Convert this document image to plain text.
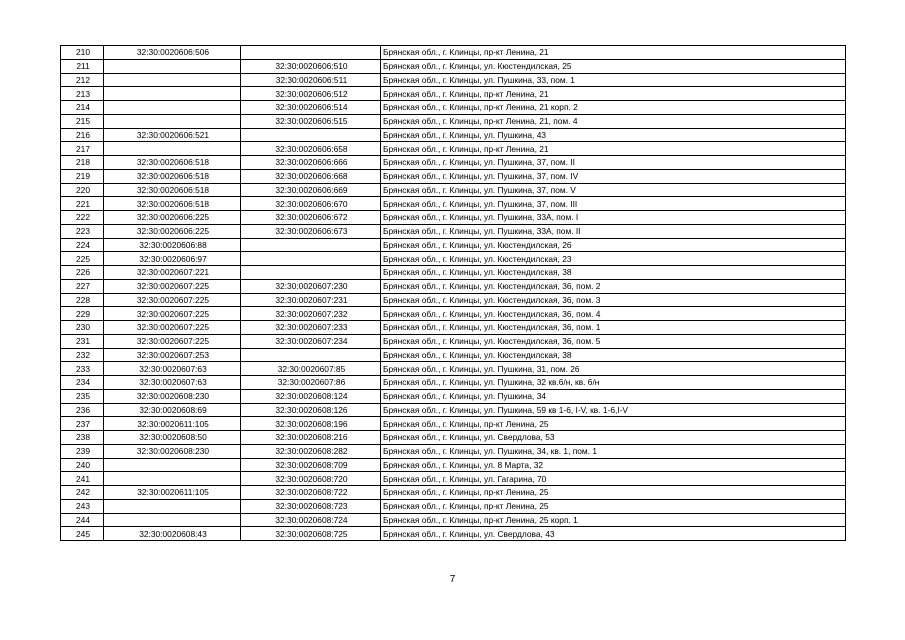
210	32:30:0020606:506		Брянская обл., г. Клинцы, пр-кт Ленина, 21
211		32:30:0020606:510	Брянская обл., г. Клинцы, ул. Кюстендилская, 25
212		32:30:0020606:511	Брянская обл., г. Клинцы, ул. Пушкина, 33, пом. 1
213		32:30:0020606:512	Брянская обл., г. Клинцы, пр-кт Ленина, 21
214		32:30:0020606:514	Брянская обл., г. Клинцы, пр-кт Ленина, 21 корп. 2
215		32:30:0020606:515	Брянская обл., г. Клинцы, пр-кт Ленина, 21, пом. 4
216	32:30:0020606:521		Брянская обл., г. Клинцы, ул. Пушкина, 43
217		32:30:0020606:658	Брянская обл., г. Клинцы, пр-кт Ленина, 21
218	32:30:0020606:518	32:30:0020606:666	Брянская обл., г. Клинцы, ул. Пушкина, 37, пом. II
219	32:30:0020606:518	32:30:0020606:668	Брянская обл., г. Клинцы, ул. Пушкина, 37, пом. IV
220	32:30:0020606:518	32:30:0020606:669	Брянская обл., г. Клинцы, ул. Пушкина, 37, пом. V
221	32:30:0020606:518	32:30:0020606:670	Брянская обл., г. Клинцы, ул. Пушкина, 37, пом. III
222	32:30:0020606:225	32:30:0020606:672	Брянская обл., г. Клинцы, ул. Пушкина, 33А, пом. I
223	32:30:0020606:225	32:30:0020606:673	Брянская обл., г. Клинцы, ул. Пушкина, 33А, пом. II
224	32:30:0020606:88		Брянская обл., г. Клинцы, ул. Кюстендилская, 26
225	32:30:0020606:97		Брянская обл., г. Клинцы, ул. Кюстендилская, 23
226	32:30:0020607:221		Брянская обл., г. Клинцы, ул. Кюстендилская, 38
227	32:30:0020607:225	32:30:0020607:230	Брянская обл., г. Клинцы, ул. Кюстендилская, 36, пом. 2
228	32:30:0020607:225	32:30:0020607:231	Брянская обл., г. Клинцы, ул. Кюстендилская, 36, пом. 3
229	32:30:0020607:225	32:30:0020607:232	Брянская обл., г. Клинцы, ул. Кюстендилская, 36, пом. 4
230	32:30:0020607:225	32:30:0020607:233	Брянская обл., г. Клинцы, ул. Кюстендилская, 36, пом. 1
231	32:30:0020607:225	32:30:0020607:234	Брянская обл., г. Клинцы, ул. Кюстендилская, 36, пом. 5
232	32:30:0020607:253		Брянская обл., г. Клинцы, ул. Кюстендилская, 38
233	32:30:0020607:63	32:30:0020607:85	Брянская обл., г. Клинцы, ул. Пушкина, 31, пом. 26
234	32:30:0020607:63	32:30:0020607:86	Брянская обл., г. Клинцы, ул. Пушкина, 32 кв.6/н, кв. 6/н
235	32:30:0020608:230	32:30:0020608:124	Брянская обл., г. Клинцы, ул. Пушкина, 34
236	32:30:0020608:69	32:30:0020608:126	Брянская обл., г. Клинцы, ул. Пушкина, 59 кв 1-6, I-V, кв. 1-6,I-V
237	32:30:0020611:105	32:30:0020608:196	Брянская обл., г. Клинцы, пр-кт Ленина, 25
238	32:30:0020608:50	32:30:0020608:216	Брянская обл., г. Клинцы, ул. Свердлова, 53
239	32:30:0020608:230	32:30:0020608:282	Брянская обл., г. Клинцы, ул. Пушкина, 34, кв. 1, пом. 1
240		32:30:0020608:709	Брянская обл., г. Клинцы, ул. 8 Марта, 32
241		32:30:0020608:720	Брянская обл., г. Клинцы, ул. Гагарина, 70
242	32:30:0020611:105	32:30:0020608:722	Брянская обл., г. Клинцы, пр-кт Ленина, 25
243		32:30:0020608:723	Брянская обл., г. Клинцы, пр-кт Ленина, 25
244		32:30:0020608:724	Брянская обл., г. Клинцы, пр-кт Ленина, 25 корп. 1
245	32:30:0020608:43	32:30:0020608:725	Брянская обл., г. Клинцы, ул. Свердлова, 43
7
